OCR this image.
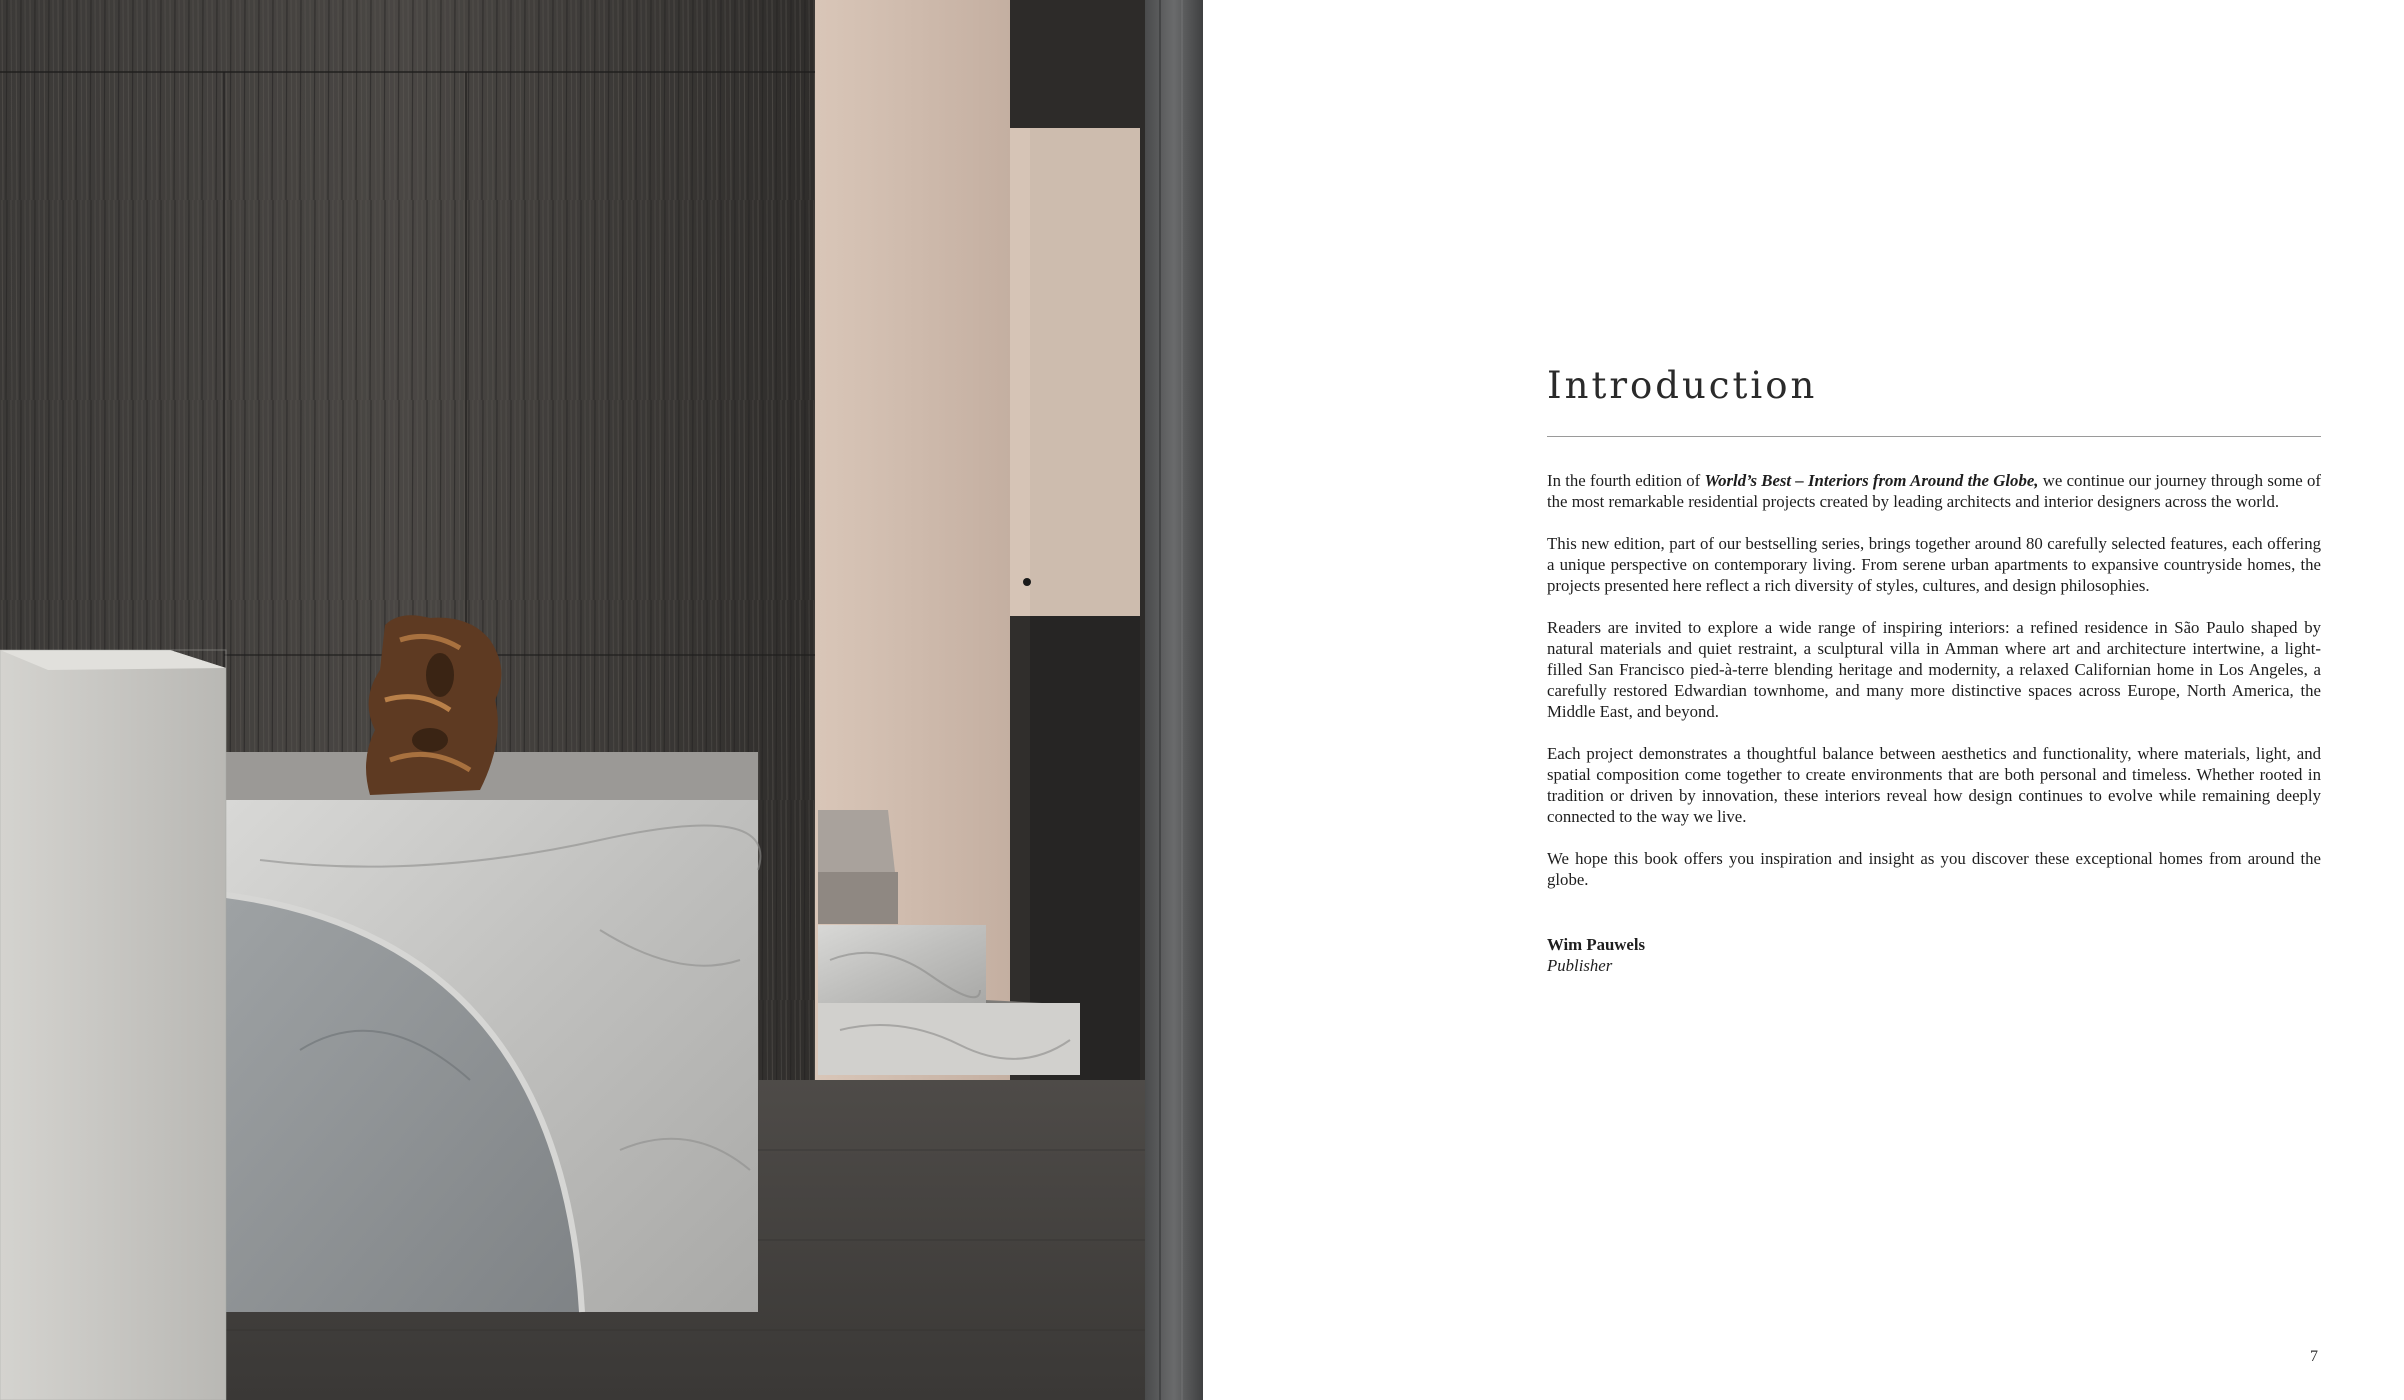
Introduction

In the fourth edition of World’s Best – Interiors from Around the Globe, we continue our journey through some of the most remarkable residential projects created by leading architects and interior designers across the world.

This new edition, part of our bestselling series, brings together around 80 carefully selected features, each offering a unique perspective on contemporary living. From serene urban apartments to expansive countryside homes, the projects presented here reflect a rich diversity of styles, cultures, and design philosophies.

Readers are invited to explore a wide range of inspiring interiors: a refined residence in São Paulo shaped by natural materials and quiet restraint, a sculptural villa in Amman where art and architecture intertwine, a light-filled San Francisco pied-à-terre blending heritage and modernity, a relaxed Californian home in Los Angeles, a carefully restored Edwardian townhome, and many more distinctive spaces across Europe, North America, the Middle East, and beyond.

Each project demonstrates a thoughtful balance between aesthetics and functionality, where materials, light, and spatial composition come together to create environments that are both personal and timeless. Whether rooted in tradition or driven by innovation, these interiors reveal how design continues to evolve while remaining deeply connected to the way we live.

We hope this book offers you inspiration and insight as you discover these exceptional homes from around the globe.

Wim Pauwels
Publisher
7
